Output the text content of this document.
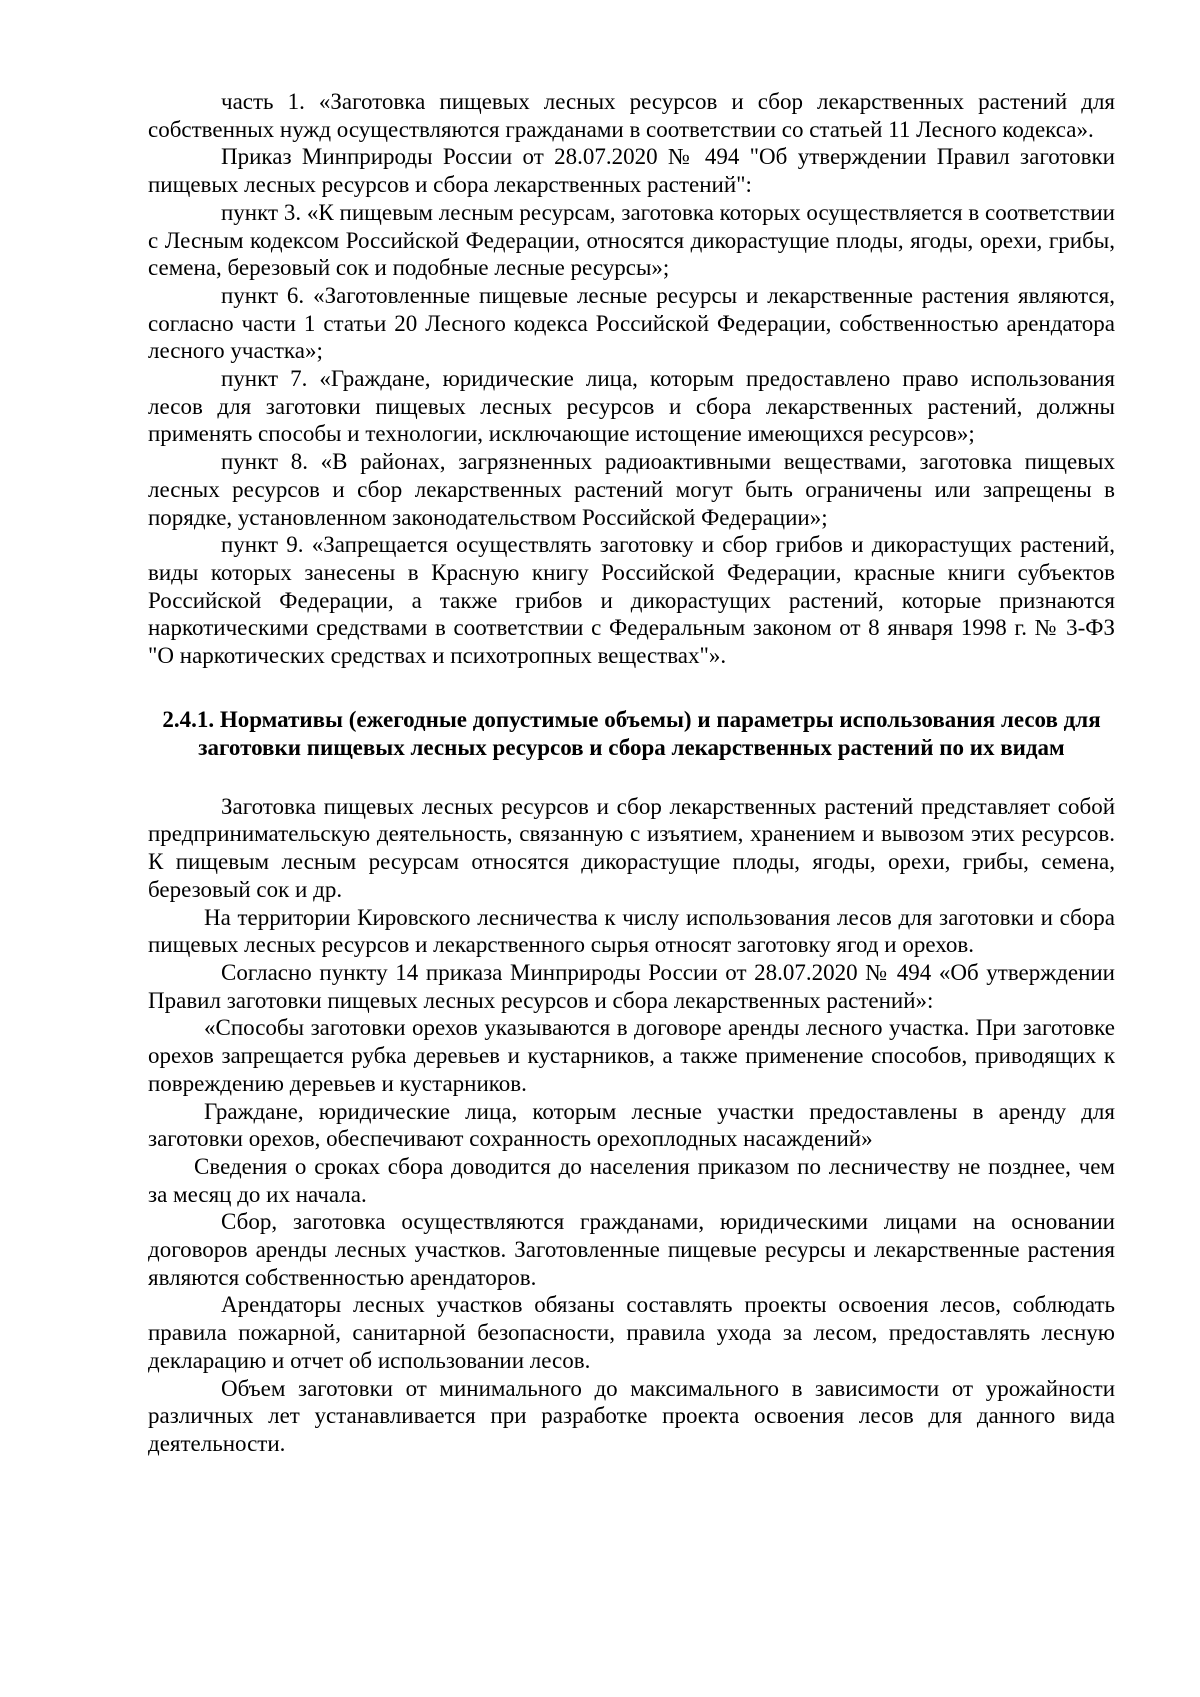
часть 1. «Заготовка пищевых лесных ресурсов и сбор лекарственных растений для собственных нужд осуществляются гражданами в соответствии со статьей 11 Лесного кодекса».

Приказ Минприроды России от 28.07.2020 № 494 "Об утверждении Правил заготовки пищевых лесных ресурсов и сбора лекарственных растений":

пункт 3. «К пищевым лесным ресурсам, заготовка которых осуществляется в соответствии с Лесным кодексом Российской Федерации, относятся дикорастущие плоды, ягоды, орехи, грибы, семена, березовый сок и подобные лесные ресурсы»;

пункт 6. «Заготовленные пищевые лесные ресурсы и лекарственные растения являются, согласно части 1 статьи 20 Лесного кодекса Российской Федерации, собственностью арендатора лесного участка»;

пункт 7. «Граждане, юридические лица, которым предоставлено право использования лесов для заготовки пищевых лесных ресурсов и сбора лекарственных растений, должны применять способы и технологии, исключающие истощение имеющихся ресурсов»;

пункт 8. «В районах, загрязненных радиоактивными веществами, заготовка пищевых лесных ресурсов и сбор лекарственных растений могут быть ограничены или запрещены в порядке, установленном законодательством Российской Федерации»;

пункт 9. «Запрещается осуществлять заготовку и сбор грибов и дикорастущих растений, виды которых занесены в Красную книгу Российской Федерации, красные книги субъектов Российской Федерации, а также грибов и дикорастущих растений, которые признаются наркотическими средствами в соответствии с Федеральным законом от 8 января 1998 г. № 3-ФЗ "О наркотических средствах и психотропных веществах"».

2.4.1. Нормативы (ежегодные допустимые объемы) и параметры использования лесов для заготовки пищевых лесных ресурсов и сбора лекарственных растений по их видам

Заготовка пищевых лесных ресурсов и сбор лекарственных растений представляет собой предпринимательскую деятельность, связанную с изъятием, хранением и вывозом этих ресурсов. К пищевым лесным ресурсам относятся дикорастущие плоды, ягоды, орехи, грибы, семена, березовый сок и др.

На территории Кировского лесничества к числу использования лесов для заготовки и сбора пищевых лесных ресурсов и лекарственного сырья относят заготовку ягод и орехов.

Согласно пункту 14 приказа Минприроды России от 28.07.2020 № 494 «Об утверждении Правил заготовки пищевых лесных ресурсов и сбора лекарственных растений»:

«Способы заготовки орехов указываются в договоре аренды лесного участка. При заготовке орехов запрещается рубка деревьев и кустарников, а также применение способов, приводящих к повреждению деревьев и кустарников.

Граждане, юридические лица, которым лесные участки предоставлены в аренду для заготовки орехов, обеспечивают сохранность орехоплодных насаждений»

Сведения о сроках сбора доводится до населения приказом по лесничеству не позднее, чем за месяц до их начала.

Сбор, заготовка осуществляются гражданами, юридическими лицами на основании договоров аренды лесных участков. Заготовленные пищевые ресурсы и лекарственные растения являются собственностью арендаторов.

Арендаторы лесных участков обязаны составлять проекты освоения лесов, соблюдать правила пожарной, санитарной безопасности, правила ухода за лесом, предоставлять лесную декларацию и отчет об использовании лесов.

Объем заготовки от минимального до максимального в зависимости от урожайности различных лет устанавливается при разработке проекта освоения лесов для данного вида деятельности.
